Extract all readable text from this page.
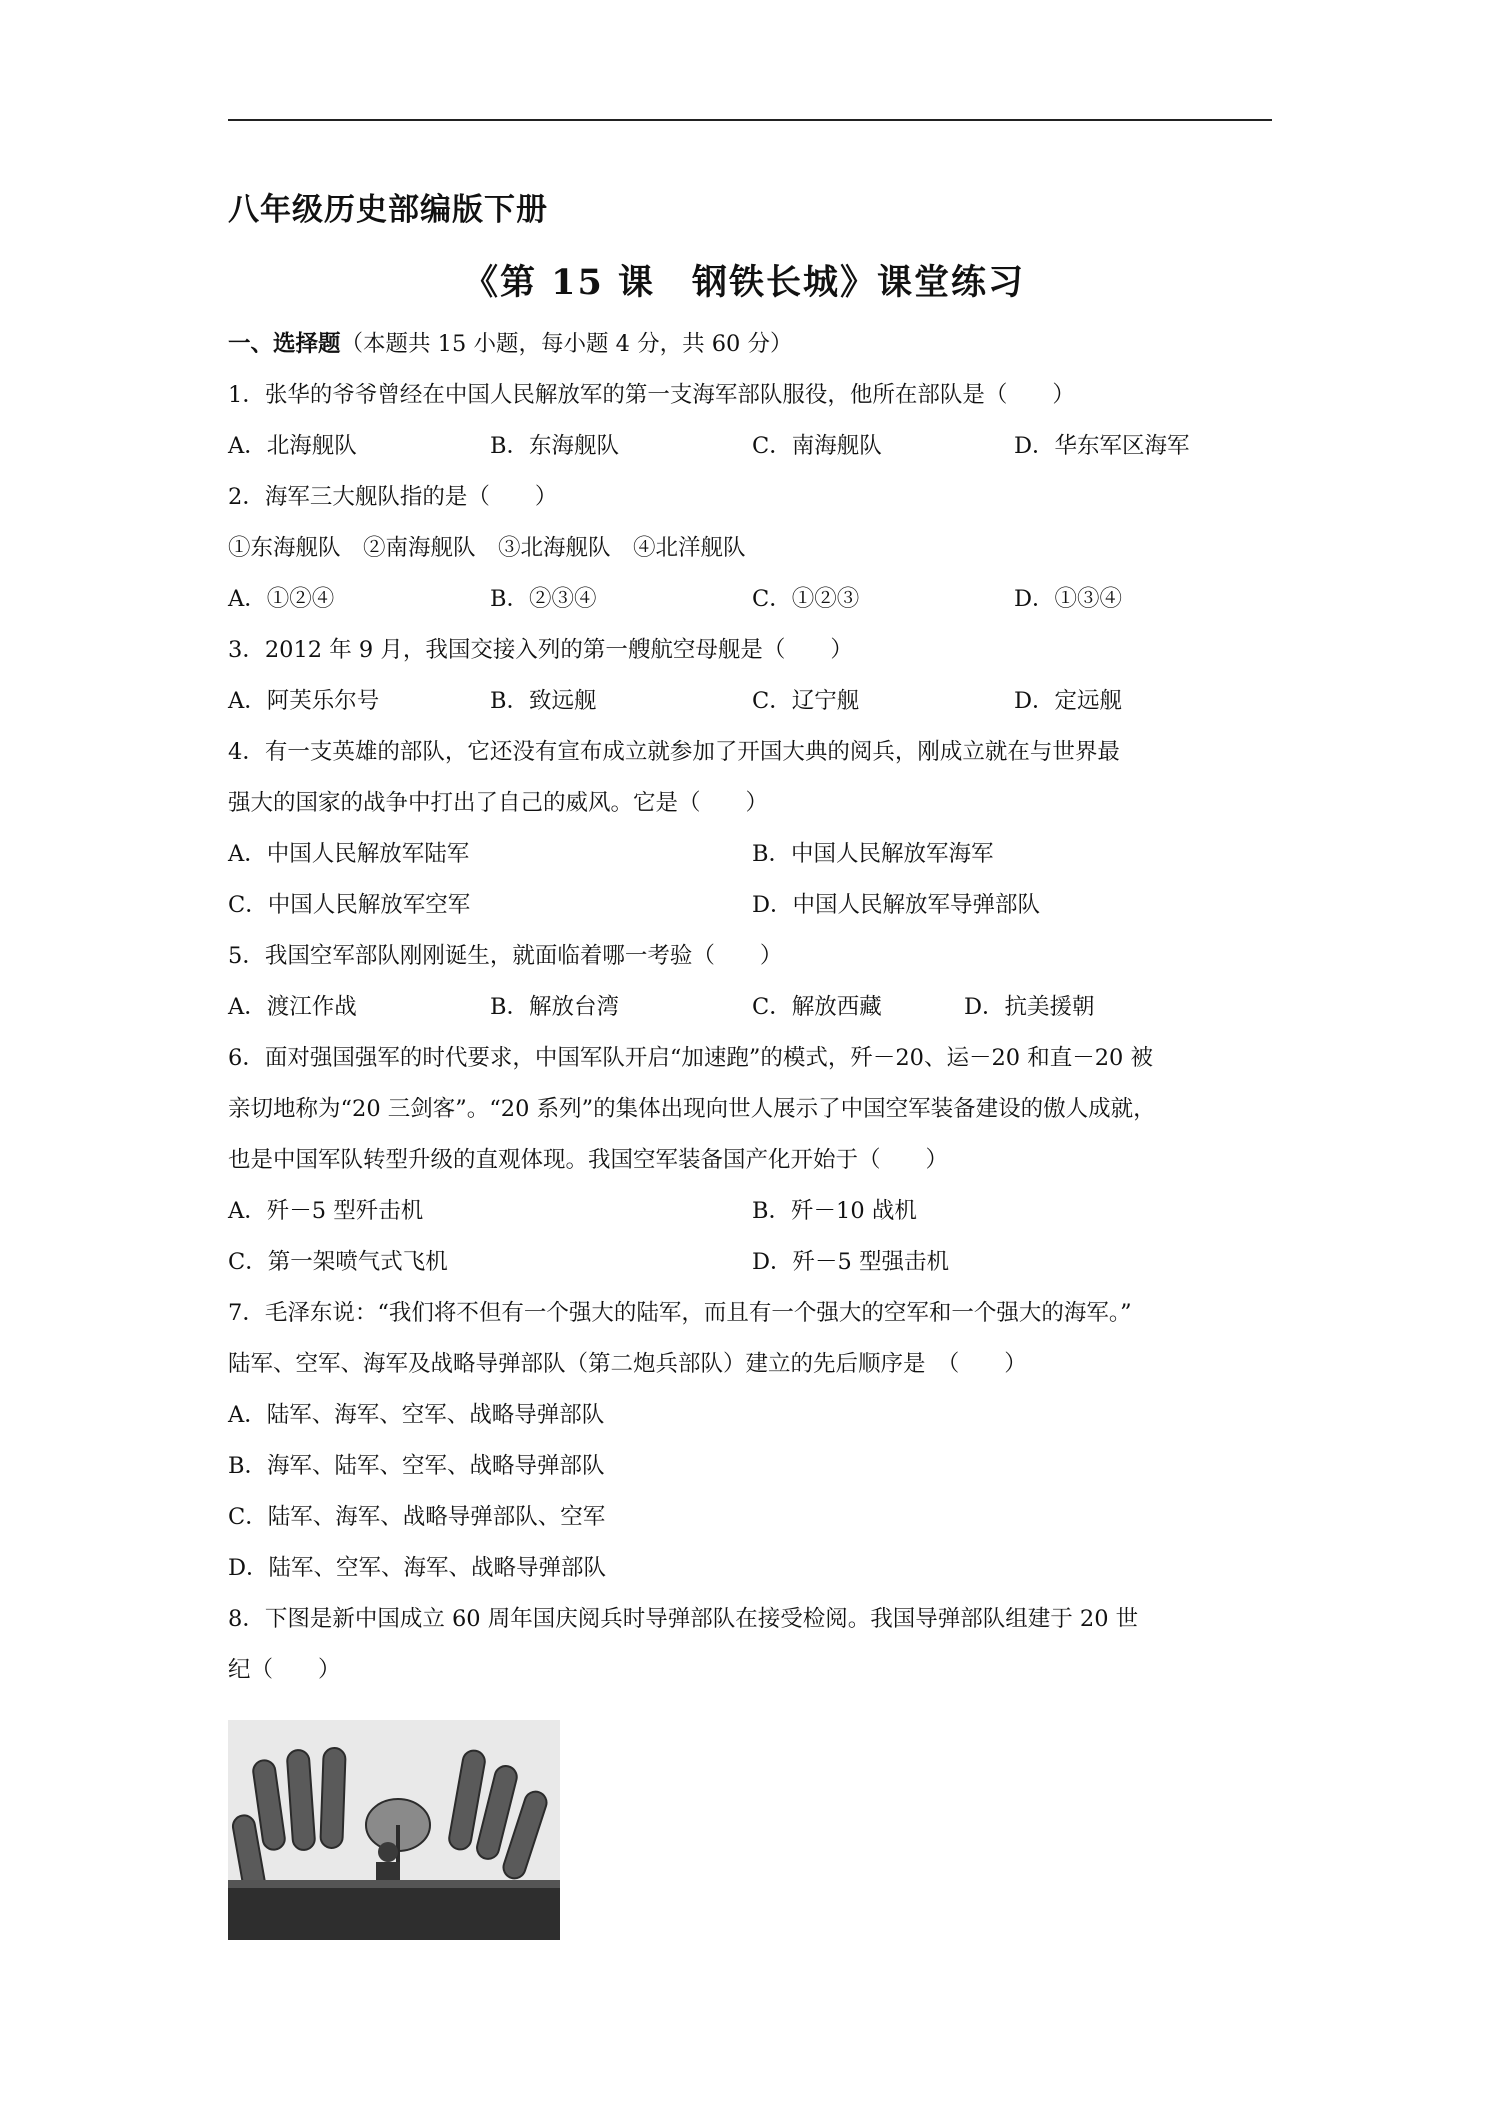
八年级历史部编版下册
《第 15 课　钢铁长城》课堂练习
一、选择题（本题共 15 小题，每小题 4 分，共 60 分）
1．张华的爷爷曾经在中国人民解放军的第一支海军部队服役，他所在部队是（　　）
A．北海舰队	B．东海舰队	C．南海舰队	D．华东军区海军
2．海军三大舰队指的是（　　）
①东海舰队　②南海舰队　③北海舰队　④北洋舰队
A．①②④	B．②③④	C．①②③	D．①③④
3．2012 年 9 月，我国交接入列的第一艘航空母舰是（　　）
A．阿芙乐尔号	B．致远舰	C．辽宁舰	D．定远舰
4．有一支英雄的部队，它还没有宣布成立就参加了开国大典的阅兵，刚成立就在与世界最
强大的国家的战争中打出了自己的威风。它是（　　）
A．中国人民解放军陆军	B．中国人民解放军海军
C．中国人民解放军空军	D．中国人民解放军导弹部队
5．我国空军部队刚刚诞生，就面临着哪一考验（　　）
A．渡江作战	B．解放台湾	C．解放西藏	D．抗美援朝
6．面对强国强军的时代要求，中国军队开启“加速跑”的模式，歼－20、运－20 和直－20 被
亲切地称为“20 三剑客”。“20 系列”的集体出现向世人展示了中国空军装备建设的傲人成就，
也是中国军队转型升级的直观体现。我国空军装备国产化开始于（　　）
A．歼－5 型歼击机	B．歼－10 战机
C．第一架喷气式飞机	D．歼－5 型强击机
7．毛泽东说：“我们将不但有一个强大的陆军，而且有一个强大的空军和一个强大的海军。”
陆军、空军、海军及战略导弹部队（第二炮兵部队）建立的先后顺序是　（　　）
A．陆军、海军、空军、战略导弹部队
B．海军、陆军、空军、战略导弹部队
C．陆军、海军、战略导弹部队、空军
D．陆军、空军、海军、战略导弹部队
8．下图是新中国成立 60 周年国庆阅兵时导弹部队在接受检阅。我国导弹部队组建于 20 世
纪（　　）
